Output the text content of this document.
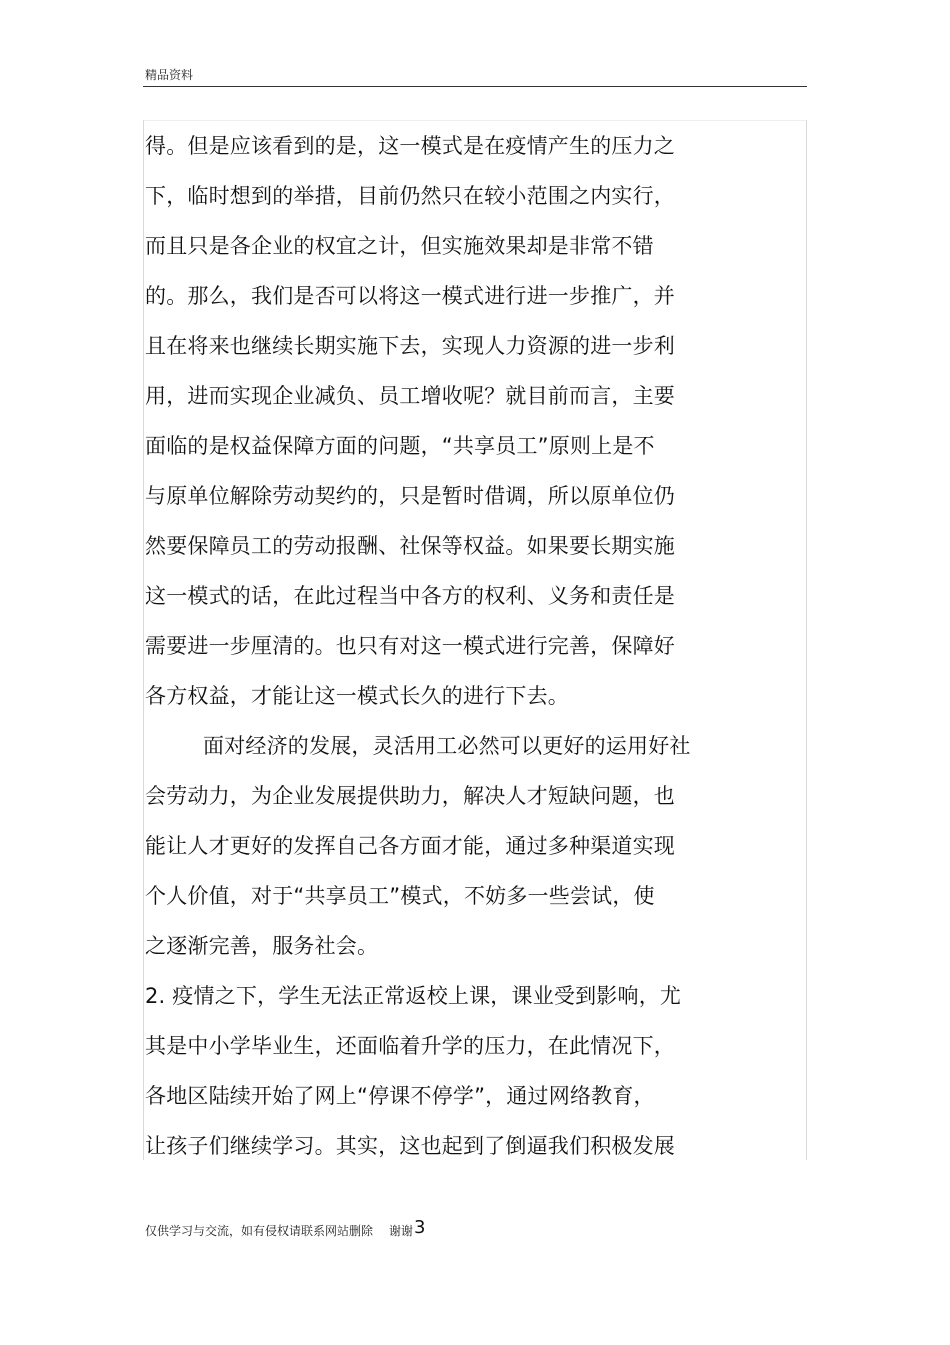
精品资料
得。但是应该看到的是，这一模式是在疫情产生的压力之
下，临时想到的举措，目前仍然只在较小范围之内实行，
而且只是各企业的权宜之计，但实施效果却是非常不错
的。那么，我们是否可以将这一模式进行进一步推广，并
且在将来也继续长期实施下去，实现人力资源的进一步利
用，进而实现企业减负、员工增收呢？就目前而言，主要
面临的是权益保障方面的问题，“共享员工”原则上是不
与原单位解除劳动契约的，只是暂时借调，所以原单位仍
然要保障员工的劳动报酬、社保等权益。如果要长期实施
这一模式的话，在此过程当中各方的权利、义务和责任是
需要进一步厘清的。也只有对这一模式进行完善，保障好
各方权益，才能让这一模式长久的进行下去。
面对经济的发展，灵活用工必然可以更好的运用好社
会劳动力，为企业发展提供助力，解决人才短缺问题，也
能让人才更好的发挥自己各方面才能，通过多种渠道实现
个人价值，对于“共享员工”模式，不妨多一些尝试，使
之逐渐完善，服务社会。
2. 疫情之下，学生无法正常返校上课，课业受到影响，尤
其是中小学毕业生，还面临着升学的压力，在此情况下，
各地区陆续开始了网上“停课不停学”，通过网络教育，
让孩子们继续学习。其实，这也起到了倒逼我们积极发展
仅供学习与交流，如有侵权请联系网站删除 谢谢 3
